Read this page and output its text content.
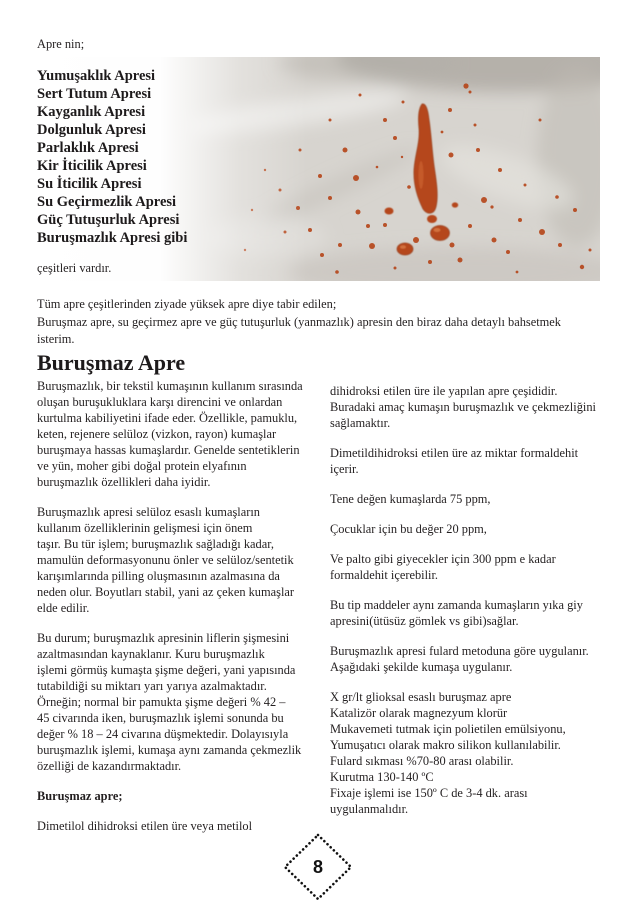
Apre nin;
Yumuşaklık Apresi
Sert Tutum Apresi
Kayganlık Apresi
Dolgunluk Apresi
Parlaklık Apresi
Kir İticilik Apresi
Su İticilik Apresi
Su Geçirmezlik Apresi
Güç Tutuşurluk Apresi
Buruşmazlık Apresi gibi
çeşitleri vardır.
Tüm apre çeşitlerinden ziyade yüksek apre diye tabir edilen;
Buruşmaz apre, su geçirmez apre ve güç tutuşurluk (yanmazlık) apresin den biraz daha detaylı bahsetmek
isterim.
Buruşmaz Apre
Buruşmazlık, bir tekstil kumaşının kullanım sırasında
oluşan buruşukluklara karşı direncini ve onlardan
kurtulma kabiliyetini ifade eder. Özellikle, pamuklu,
keten, rejenere selüloz (vizkon, rayon) kumaşlar
buruşmaya hassas kumaşlardır. Genelde sentetiklerin
ve yün, moher gibi doğal protein elyafının
buruşmazlık özellikleri daha iyidir.
Buruşmazlık apresi selüloz esaslı kumaşların
kullanım özelliklerinin gelişmesi için önem
taşır. Bu tür işlem; buruşmazlık sağladığı kadar,
mamulün deformasyonunu önler ve selüloz/sentetik
karışımlarında pilling oluşmasının azalmasına da
neden olur. Boyutları stabil, yani az çeken kumaşlar
elde edilir.
Bu durum; buruşmazlık apresinin liflerin şişmesini
azaltmasından kaynaklanır. Kuru buruşmazlık
işlemi görmüş kumaşta şişme değeri, yani yapısında
tutabildiği su miktarı yarı yarıya azalmaktadır.
Örneğin; normal bir pamukta şişme değeri % 42 –
45 civarında iken, buruşmazlık işlemi sonunda bu
değer % 18 – 24 civarına düşmektedir. Dolayısıyla
buruşmazlık işlemi, kumaşa aynı zamanda çekmezlik
özelliği de kazandırmaktadır.
Buruşmaz apre;
Dimetilol dihidroksi etilen üre veya metilol
dihidroksi etilen üre ile yapılan apre çeşididir.
Buradaki amaç kumaşın buruşmazlık ve çekmezliğini
sağlamaktır.
Dimetildihidroksi etilen üre az miktar formaldehit
içerir.
Tene değen kumaşlarda 75 ppm,
Çocuklar için bu değer 20 ppm,
Ve palto gibi giyecekler için 300 ppm e kadar
formaldehit içerebilir.
Bu tip maddeler aynı zamanda kumaşların yıka giy
apresini(ütüsüz gömlek vs gibi)sağlar.
Buruşmazlık apresi fulard metoduna göre uygulanır.
Aşağıdaki şekilde kumaşa uygulanır.
X gr/lt glioksal esaslı buruşmaz apre
Katalizör olarak magnezyum klorür
Mukavemeti tutmak için polietilen emülsiyonu,
Yumuşatıcı olarak makro silikon kullanılabilir.
Fulard sıkması %70-80 arası olabilir.
Kurutma 130-140 ºC
Fixaje işlemi ise 150º C de 3-4 dk. arası
uygulanmalıdır.
8
